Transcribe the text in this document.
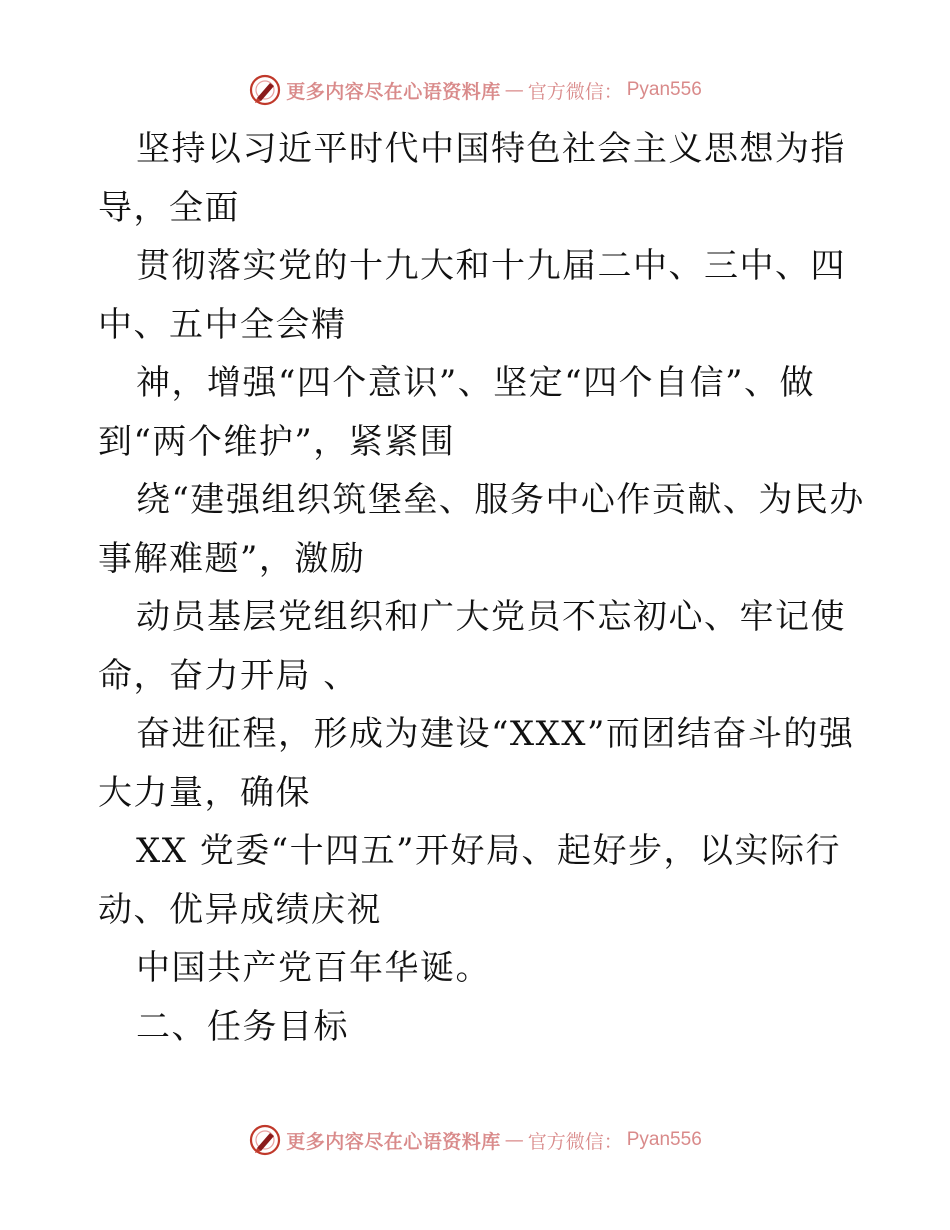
更多内容尽在心语资料库 — 官方微信： Pyan556
坚持以习近平时代中国特色社会主义思想为指
导，全面
贯彻落实党的十九大和十九届二中、三中、四
中、五中全会精
神，增强“四个意识”、坚定“四个自信”、做
到“两个维护”，紧紧围
绕“建强组织筑堡垒、服务中心作贡献、为民办
事解难题”，激励
动员基层党组织和广大党员不忘初心、牢记使
命，奋力开局 、
奋进征程，形成为建设“XXX”而团结奋斗的强
大力量，确保
XX 党委“十四五”开好局、起好步，以实际行
动、优异成绩庆祝
中国共产党百年华诞。
二、任务目标
更多内容尽在心语资料库 — 官方微信： Pyan556
